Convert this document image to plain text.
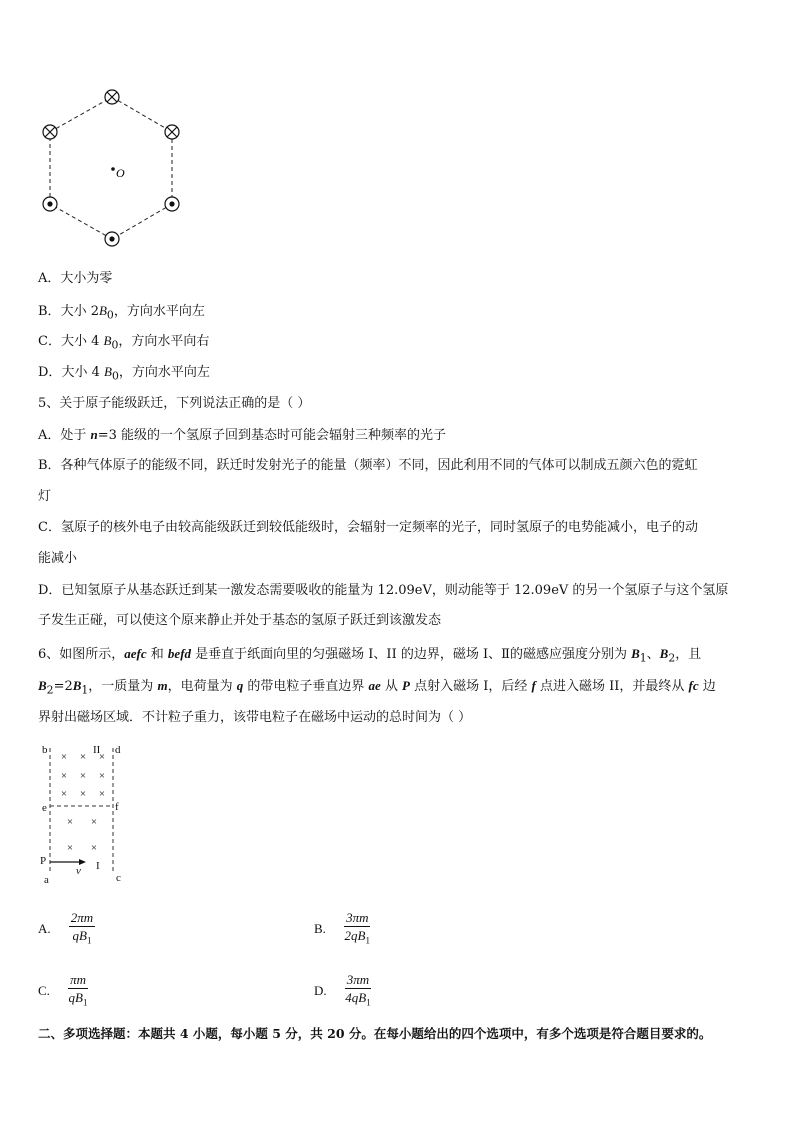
O
A．大小为零
B．大小 $2B_0$，方向水平向左
C．大小 4 $B_0$，方向水平向右
D．大小 4 $B_0$，方向水平向左
5、关于原子能级跃迁，下列说法正确的是（ ）
A．处于 n=3 能级的一个氢原子回到基态时可能会辐射三种频率的光子
B．各种气体原子的能级不同，跃迁时发射光子的能量（频率）不同，因此利用不同的气体可以制成五颜六色的霓虹
灯
C．氢原子的核外电子由较高能级跃迁到较低能级时，会辐射一定频率的光子，同时氢原子的电势能减小，电子的动
能减小
D．已知氢原子从基态跃迁到某一激发态需要吸收的能量为 12.09eV，则动能等于 12.09eV 的另一个氢原子与这个氢原
子发生正碰，可以使这个原来静止并处于基态的氢原子跃迁到该激发态
6、如图所示，aefc 和 befd 是垂直于纸面向里的匀强磁场 I、II 的边界，磁场 I、Ⅱ的磁感应强度分别为 $B_1$、$B_2$，且
$B_2=2B_1$，一质量为 m，电荷量为 q 的带电粒子垂直边界 ae 从 P 点射入磁场 I，后经 f 点进入磁场 II，并最终从 fc 边
界射出磁场区域．不计粒子重力，该带电粒子在磁场中运动的总时间为（ ）
b	II d
e	f
P
a	c
I
v
× × ×
× × ×
× × ×
× ×
× ×
A. $\frac{2\pi m}{qB_1}$	B. $\frac{3\pi m}{2qB_1}$
C. $\frac{\pi m}{qB_1}$	D. $\frac{3\pi m}{4qB_1}$
二、多项选择题：本题共 4 小题，每小题 5 分，共 20 分。在每小题给出的四个选项中，有多个选项是符合题目要求的。
